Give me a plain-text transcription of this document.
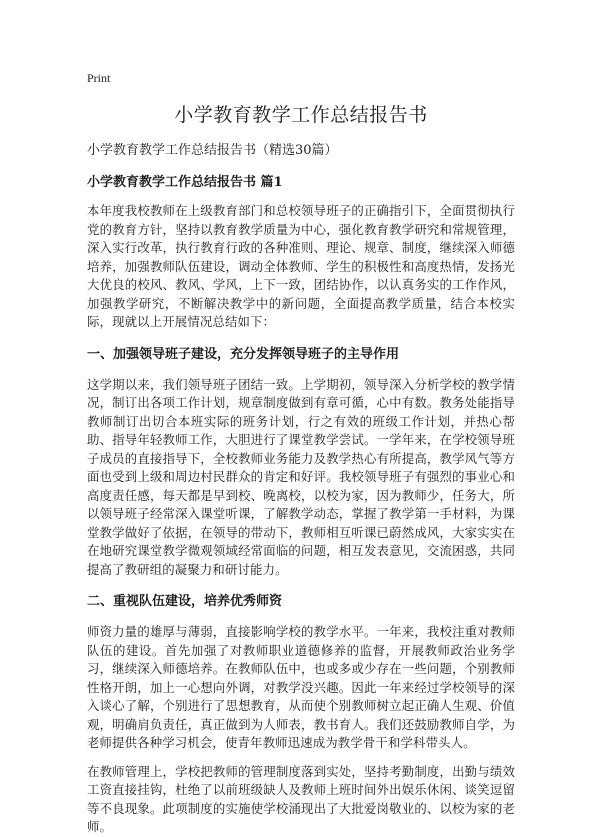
Print
小学教育教学工作总结报告书
小学教育教学工作总结报告书（精选30篇）
小学教育教学工作总结报告书 篇1

本年度我校教师在上级教育部门和总校领导班子的正确指引下，全面贯彻执行党的教育方针，坚持以教育教学质量为中心，强化教育教学研究和常规管理，深入实行改革，执行教育行政的各种准则、理论、规章、制度，继续深入师德培养，加强教师队伍建设，调动全体教师、学生的积极性和高度热情，发扬光大优良的校风、教风、学风，上下一致，团结协作，以认真务实的工作作风，加强教学研究，不断解决教学中的新问题，全面提高教学质量，结合本校实际，现就以上开展情况总结如下：

一、加强领导班子建设，充分发挥领导班子的主导作用

这学期以来，我们领导班子团结一致。上学期初，领导深入分析学校的教学情况，制订出各项工作计划，规章制度做到有章可循，心中有数。教务处能指导教师制订出切合本班实际的班务计划，行之有效的班级工作计划，并热心帮助、指导年轻教师工作，大胆进行了课堂教学尝试。一学年来，在学校领导班子成员的直接指导下，全校教师业务能力及教学热心有所提高，教学风气等方面也受到上级和周边村民群众的肯定和好评。我校领导班子有强烈的事业心和高度责任感，每天都是早到校、晚离校，以校为家，因为教师少，任务大，所以领导班子经常深入课堂听课，了解教学动态，掌握了教学第一手材料，为课堂教学做好了依据，在领导的带动下，教师相互听课已蔚然成风，大家实实在在地研究课堂教学微观领域经常面临的问题，相互发表意见，交流困惑，共同提高了教研组的凝聚力和研讨能力。

二、重视队伍建设，培养优秀师资

师资力量的雄厚与薄弱，直接影响学校的教学水平。一年来，我校注重对教师队伍的建设。首先加强了对教师职业道德修养的监督，开展教师政治业务学习，继续深入师德培养。在教师队伍中，也或多或少存在一些问题，个别教师性格开朗，加上一心想向外调，对教学没兴趣。因此一年来经过学校领导的深入谈心了解，个别进行了思想教育，从而使个别教师树立起正确人生观、价值观，明确肩负责任，真正做到为人师表，教书育人。我们还鼓励教师自学，为老师提供各种学习机会，使青年教师迅速成为教学骨干和学科带头人。

在教师管理上，学校把教师的管理制度落到实处，坚持考勤制度，出勤与绩效工资直接挂钩，杜绝了以前班级缺人及教师上班时间外出娱乐休闲、谈笑逗留等不良现象。此项制度的实施使学校涌现出了大批爱岗敬业的、以校为家的老师。
